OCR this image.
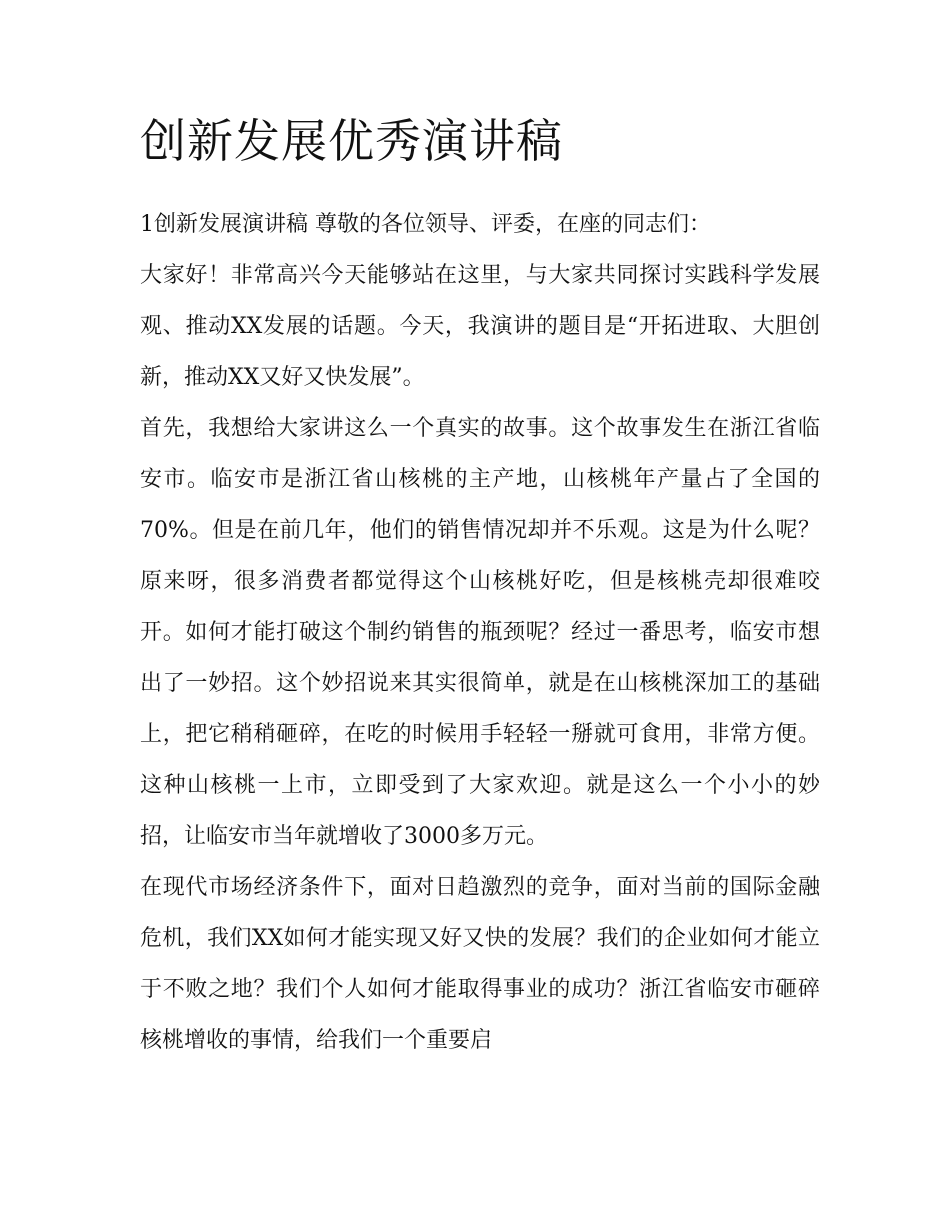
创新发展优秀演讲稿

1创新发展演讲稿 尊敬的各位领导、评委，在座的同志们：

大家好！非常高兴今天能够站在这里，与大家共同探讨实践科学发展观、推动XX发展的话题。今天，我演讲的题目是“开拓进取、大胆创新，推动XX又好又快发展”。

首先，我想给大家讲这么一个真实的故事。这个故事发生在浙江省临安市。临安市是浙江省山核桃的主产地，山核桃年产量占了全国的70%。但是在前几年，他们的销售情况却并不乐观。这是为什么呢？原来呀，很多消费者都觉得这个山核桃好吃，但是核桃壳却很难咬开。如何才能打破这个制约销售的瓶颈呢？经过一番思考，临安市想出了一妙招。这个妙招说来其实很简单，就是在山核桃深加工的基础上，把它稍稍砸碎，在吃的时候用手轻轻一掰就可食用，非常方便。这种山核桃一上市，立即受到了大家欢迎。就是这么一个小小的妙招，让临安市当年就增收了3000多万元。

在现代市场经济条件下，面对日趋激烈的竞争，面对当前的国际金融危机，我们XX如何才能实现又好又快的发展？我们的企业如何才能立于不败之地？我们个人如何才能取得事业的成功？浙江省临安市砸碎核桃增收的事情，给我们一个重要启
